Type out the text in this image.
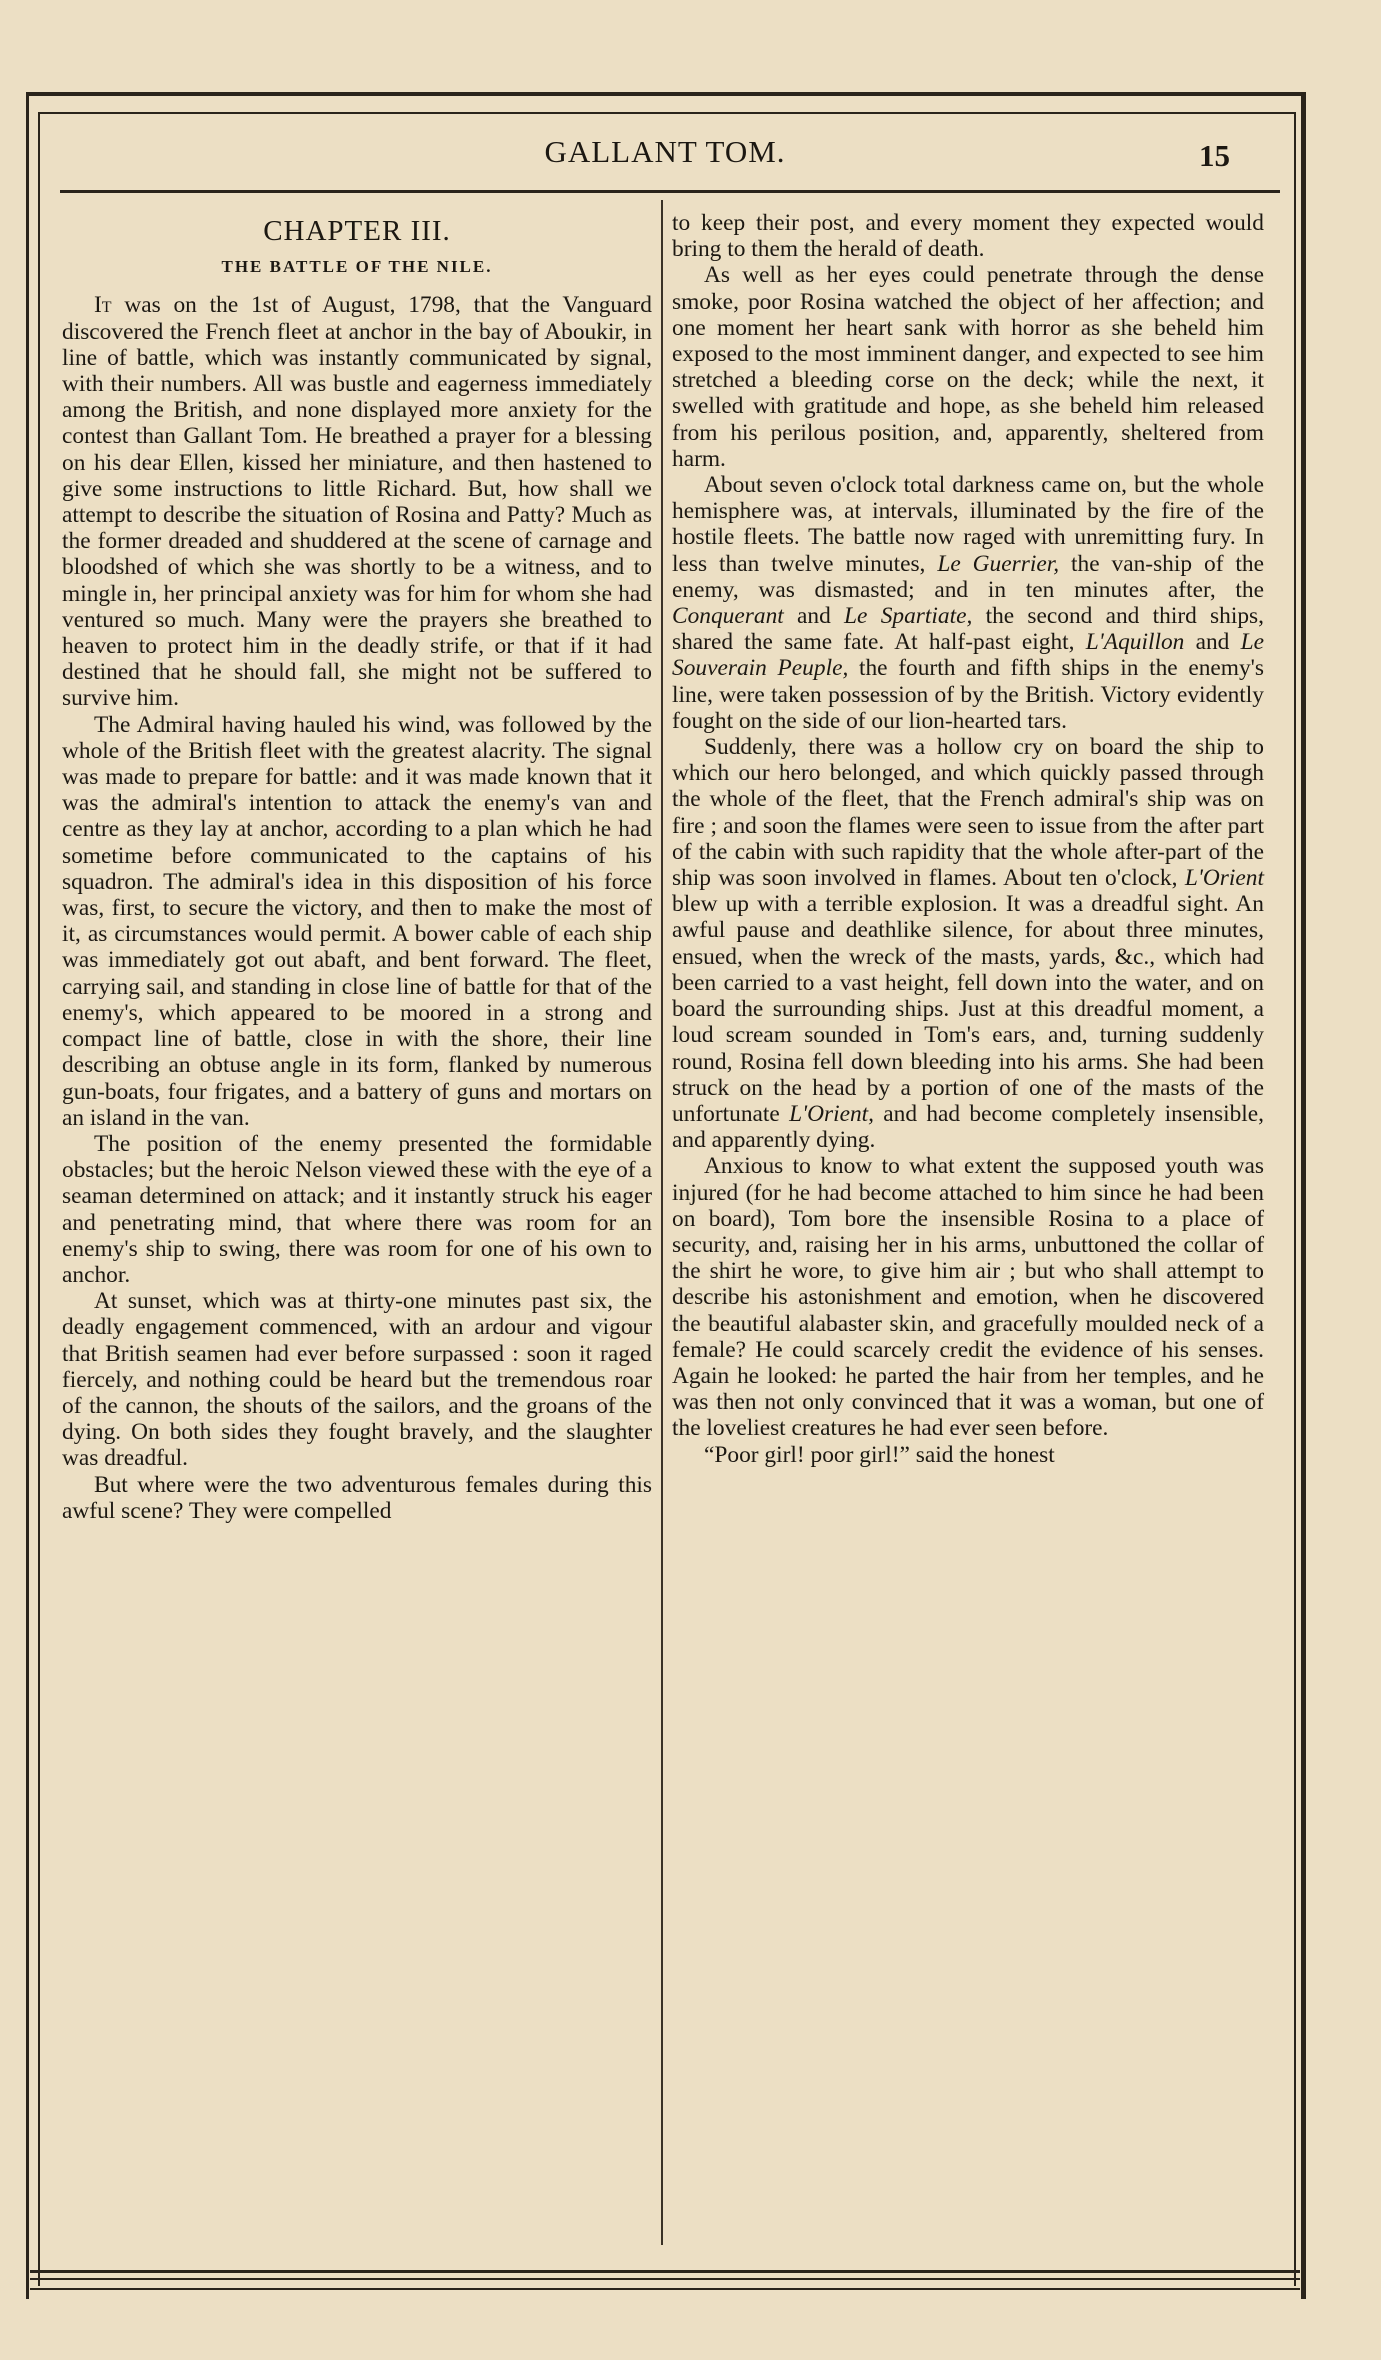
GALLANT TOM.	15
CHAPTER III.
THE BATTLE OF THE NILE.

It was on the 1st of August, 1798, that the Vanguard discovered the French fleet at anchor in the bay of Aboukir, in line of battle, which was instantly communicated by signal, with their numbers. All was bustle and eagerness immediately among the British, and none displayed more anxiety for the contest than Gallant Tom. He breathed a prayer for a blessing on his dear Ellen, kissed her miniature, and then hastened to give some instructions to little Richard. But, how shall we attempt to describe the situation of Rosina and Patty? Much as the former dreaded and shuddered at the scene of carnage and bloodshed of which she was shortly to be a witness, and to mingle in, her principal anxiety was for him for whom she had ventured so much. Many were the prayers she breathed to heaven to protect him in the deadly strife, or that if it had destined that he should fall, she might not be suffered to survive him.

The Admiral having hauled his wind, was followed by the whole of the British fleet with the greatest alacrity. The signal was made to prepare for battle: and it was made known that it was the admiral's intention to attack the enemy's van and centre as they lay at anchor, according to a plan which he had sometime before communicated to the captains of his squadron. The admiral's idea in this disposition of his force was, first, to secure the victory, and then to make the most of it, as circumstances would permit. A bower cable of each ship was immediately got out abaft, and bent forward. The fleet, carrying sail, and standing in close line of battle for that of the enemy's, which appeared to be moored in a strong and compact line of battle, close in with the shore, their line describing an obtuse angle in its form, flanked by numerous gun-boats, four frigates, and a battery of guns and mortars on an island in the van.

The position of the enemy presented the formidable obstacles; but the heroic Nelson viewed these with the eye of a seaman determined on attack; and it instantly struck his eager and penetrating mind, that where there was room for an enemy's ship to swing, there was room for one of his own to anchor.

At sunset, which was at thirty-one minutes past six, the deadly engagement commenced, with an ardour and vigour that British seamen had ever before surpassed : soon it raged fiercely, and nothing could be heard but the tremendous roar of the cannon, the shouts of the sailors, and the groans of the dying. On both sides they fought bravely, and the slaughter was dreadful.

But where were the two adventurous females during this awful scene? They were compelled

to keep their post, and every moment they expected would bring to them the herald of death.

As well as her eyes could penetrate through the dense smoke, poor Rosina watched the object of her affection; and one moment her heart sank with horror as she beheld him exposed to the most imminent danger, and expected to see him stretched a bleeding corse on the deck; while the next, it swelled with gratitude and hope, as she beheld him released from his perilous position, and, apparently, sheltered from harm.

About seven o'clock total darkness came on, but the whole hemisphere was, at intervals, illuminated by the fire of the hostile fleets. The battle now raged with unremitting fury. In less than twelve minutes, Le Guerrier, the van-ship of the enemy, was dismasted; and in ten minutes after, the Conquerant and Le Spartiate, the second and third ships, shared the same fate. At half-past eight, L'Aquillon and Le Souverain Peuple, the fourth and fifth ships in the enemy's line, were taken possession of by the British. Victory evidently fought on the side of our lion-hearted tars.

Suddenly, there was a hollow cry on board the ship to which our hero belonged, and which quickly passed through the whole of the fleet, that the French admiral's ship was on fire ; and soon the flames were seen to issue from the after part of the cabin with such rapidity that the whole after-part of the ship was soon involved in flames. About ten o'clock, L'Orient blew up with a terrible explosion. It was a dreadful sight. An awful pause and deathlike silence, for about three minutes, ensued, when the wreck of the masts, yards, &c., which had been carried to a vast height, fell down into the water, and on board the surrounding ships. Just at this dreadful moment, a loud scream sounded in Tom's ears, and, turning suddenly round, Rosina fell down bleeding into his arms. She had been struck on the head by a portion of one of the masts of the unfortunate L'Orient, and had become completely insensible, and apparently dying.

Anxious to know to what extent the supposed youth was injured (for he had become attached to him since he had been on board), Tom bore the insensible Rosina to a place of security, and, raising her in his arms, unbuttoned the collar of the shirt he wore, to give him air ; but who shall attempt to describe his astonishment and emotion, when he discovered the beautiful alabaster skin, and gracefully moulded neck of a female? He could scarcely credit the evidence of his senses. Again he looked: he parted the hair from her temples, and he was then not only convinced that it was a woman, but one of the loveliest creatures he had ever seen before.

“Poor girl! poor girl!” said the honest
